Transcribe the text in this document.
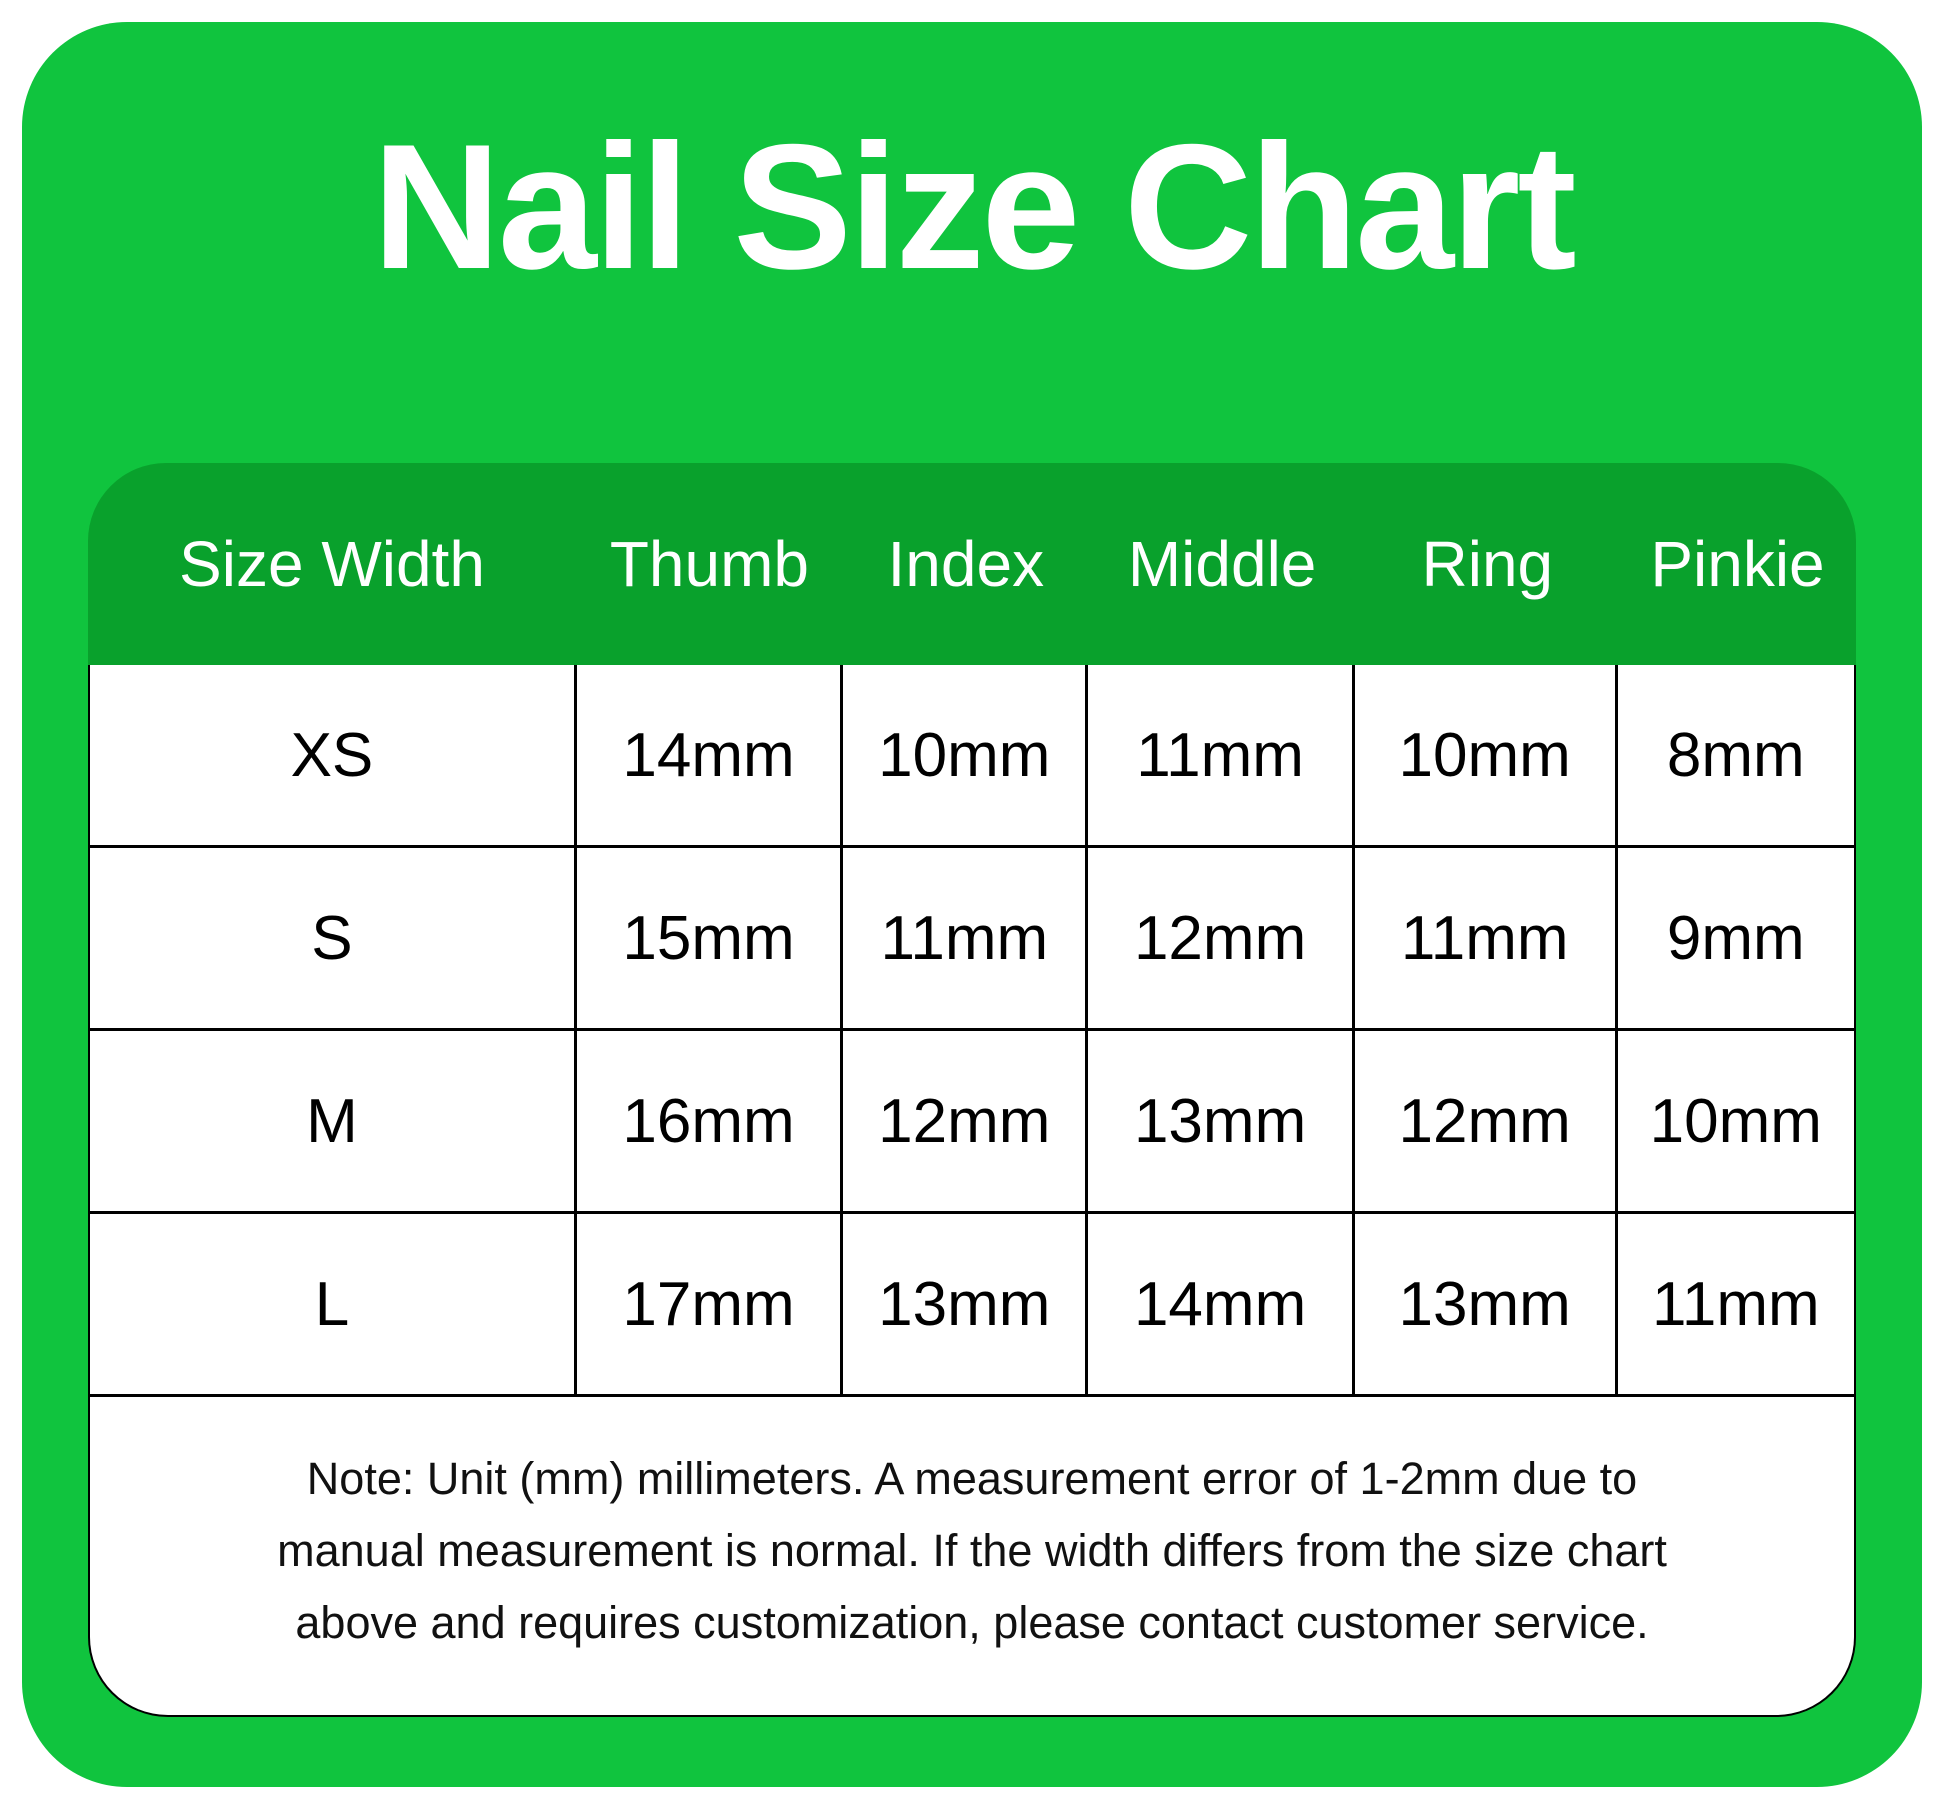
Nail Size Chart
Size Width	Thumb	Index	Middle	Ring	Pinkie
XS	14mm	10mm	11mm	10mm	8mm
S	15mm	11mm	12mm	11mm	9mm
M	16mm	12mm	13mm	12mm	10mm
L	17mm	13mm	14mm	13mm	11mm
Note: Unit (mm) millimeters. A measurement error of 1-2mm due to
manual measurement is normal. If the width differs from the size chart
above and requires customization, please contact customer service.
